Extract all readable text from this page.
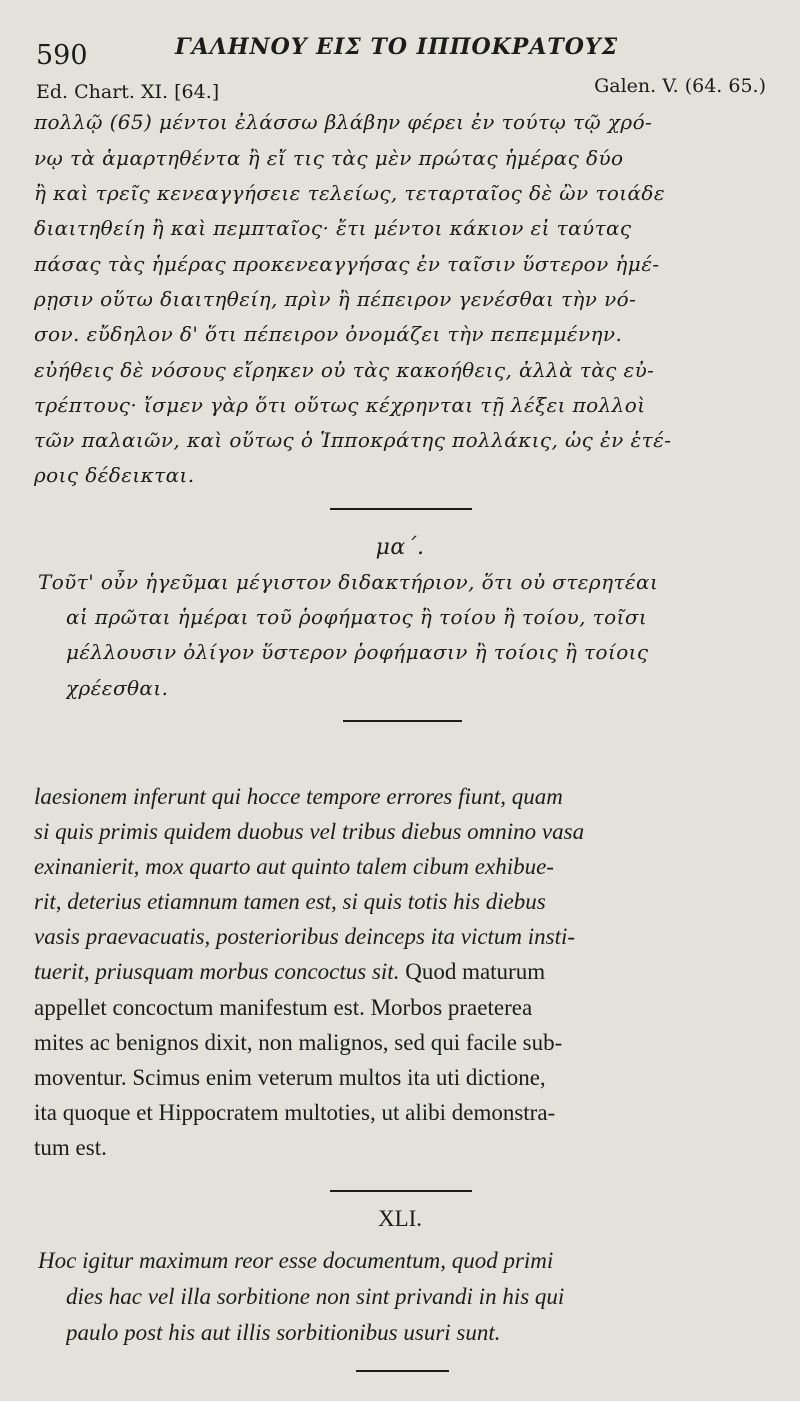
590	ΓΑΛΗΝΟΥ ΕΙΣ ΤΟ ΙΠΠΟΚΡΑΤΟΥΣ
Ed. Chart. XI. [64.]	Galen. V. (64. 65.)
πολλῷ (65) μέντοι ἐλάσσω βλάβην φέρει ἐν τούτῳ τῷ χρό-
νῳ τὰ ἁμαρτηθέντα ἢ εἴ τις τὰς μὲν πρώτας ἡμέρας δύο
ἢ καὶ τρεῖς κενεαγγήσειε τελείως, τεταρταῖος δὲ ὢν τοιάδε
διαιτηθείη ἢ καὶ πεμπταῖος· ἔτι μέντοι κάκιον εἰ ταύτας
πάσας τὰς ἡμέρας προκενεαγγήσας ἐν ταῖσιν ὕστερον ἡμέ-
ρῃσιν οὕτω διαιτηθείη, πρὶν ἢ πέπειρον γενέσθαι τὴν νό-
σον. εὔδηλον δ' ὅτι πέπειρον ὀνομάζει τὴν πεπεμμένην.
εὐήθεις δὲ νόσους εἴρηκεν οὐ τὰς κακοήθεις, ἀλλὰ τὰς εὐ-
τρέπτους· ἴσμεν γὰρ ὅτι οὕτως κέχρηνται τῇ λέξει πολλοὶ
τῶν παλαιῶν, καὶ οὕτως ὁ Ἱπποκράτης πολλάκις, ὡς ἐν ἑτέ-
ροις δέδεικται.
μα΄.
Τοῦτ' οὖν ἡγεῦμαι μέγιστον διδακτήριον, ὅτι οὐ στερητέαι
αἱ πρῶται ἡμέραι τοῦ ῥοφήματος ἢ τοίου ἢ τοίου, τοῖσι
μέλλουσιν ὀλίγον ὕστερον ῥοφήμασιν ἢ τοίοις ἢ τοίοις
χρέεσθαι.
laesionem inferunt qui hocce tempore errores fiunt, quam
si quis primis quidem duobus vel tribus diebus omnino vasa
exinanierit, mox quarto aut quinto talem cibum exhibue-
rit, deterius etiamnum tamen est, si quis totis his diebus
vasis praevacuatis, posterioribus deinceps ita victum insti-
tuerit, priusquam morbus concoctus sit. Quod maturum
appellet concoctum manifestum est. Morbos praeterea
mites ac benignos dixit, non malignos, sed qui facile sub-
moventur. Scimus enim veterum multos ita uti dictione,
ita quoque et Hippocratem multoties, ut alibi demonstra-
tum est.
XLI.
Hoc igitur maximum reor esse documentum, quod primi
dies hac vel illa sorbitione non sint privandi in his qui
paulo post his aut illis sorbitionibus usuri sunt.
